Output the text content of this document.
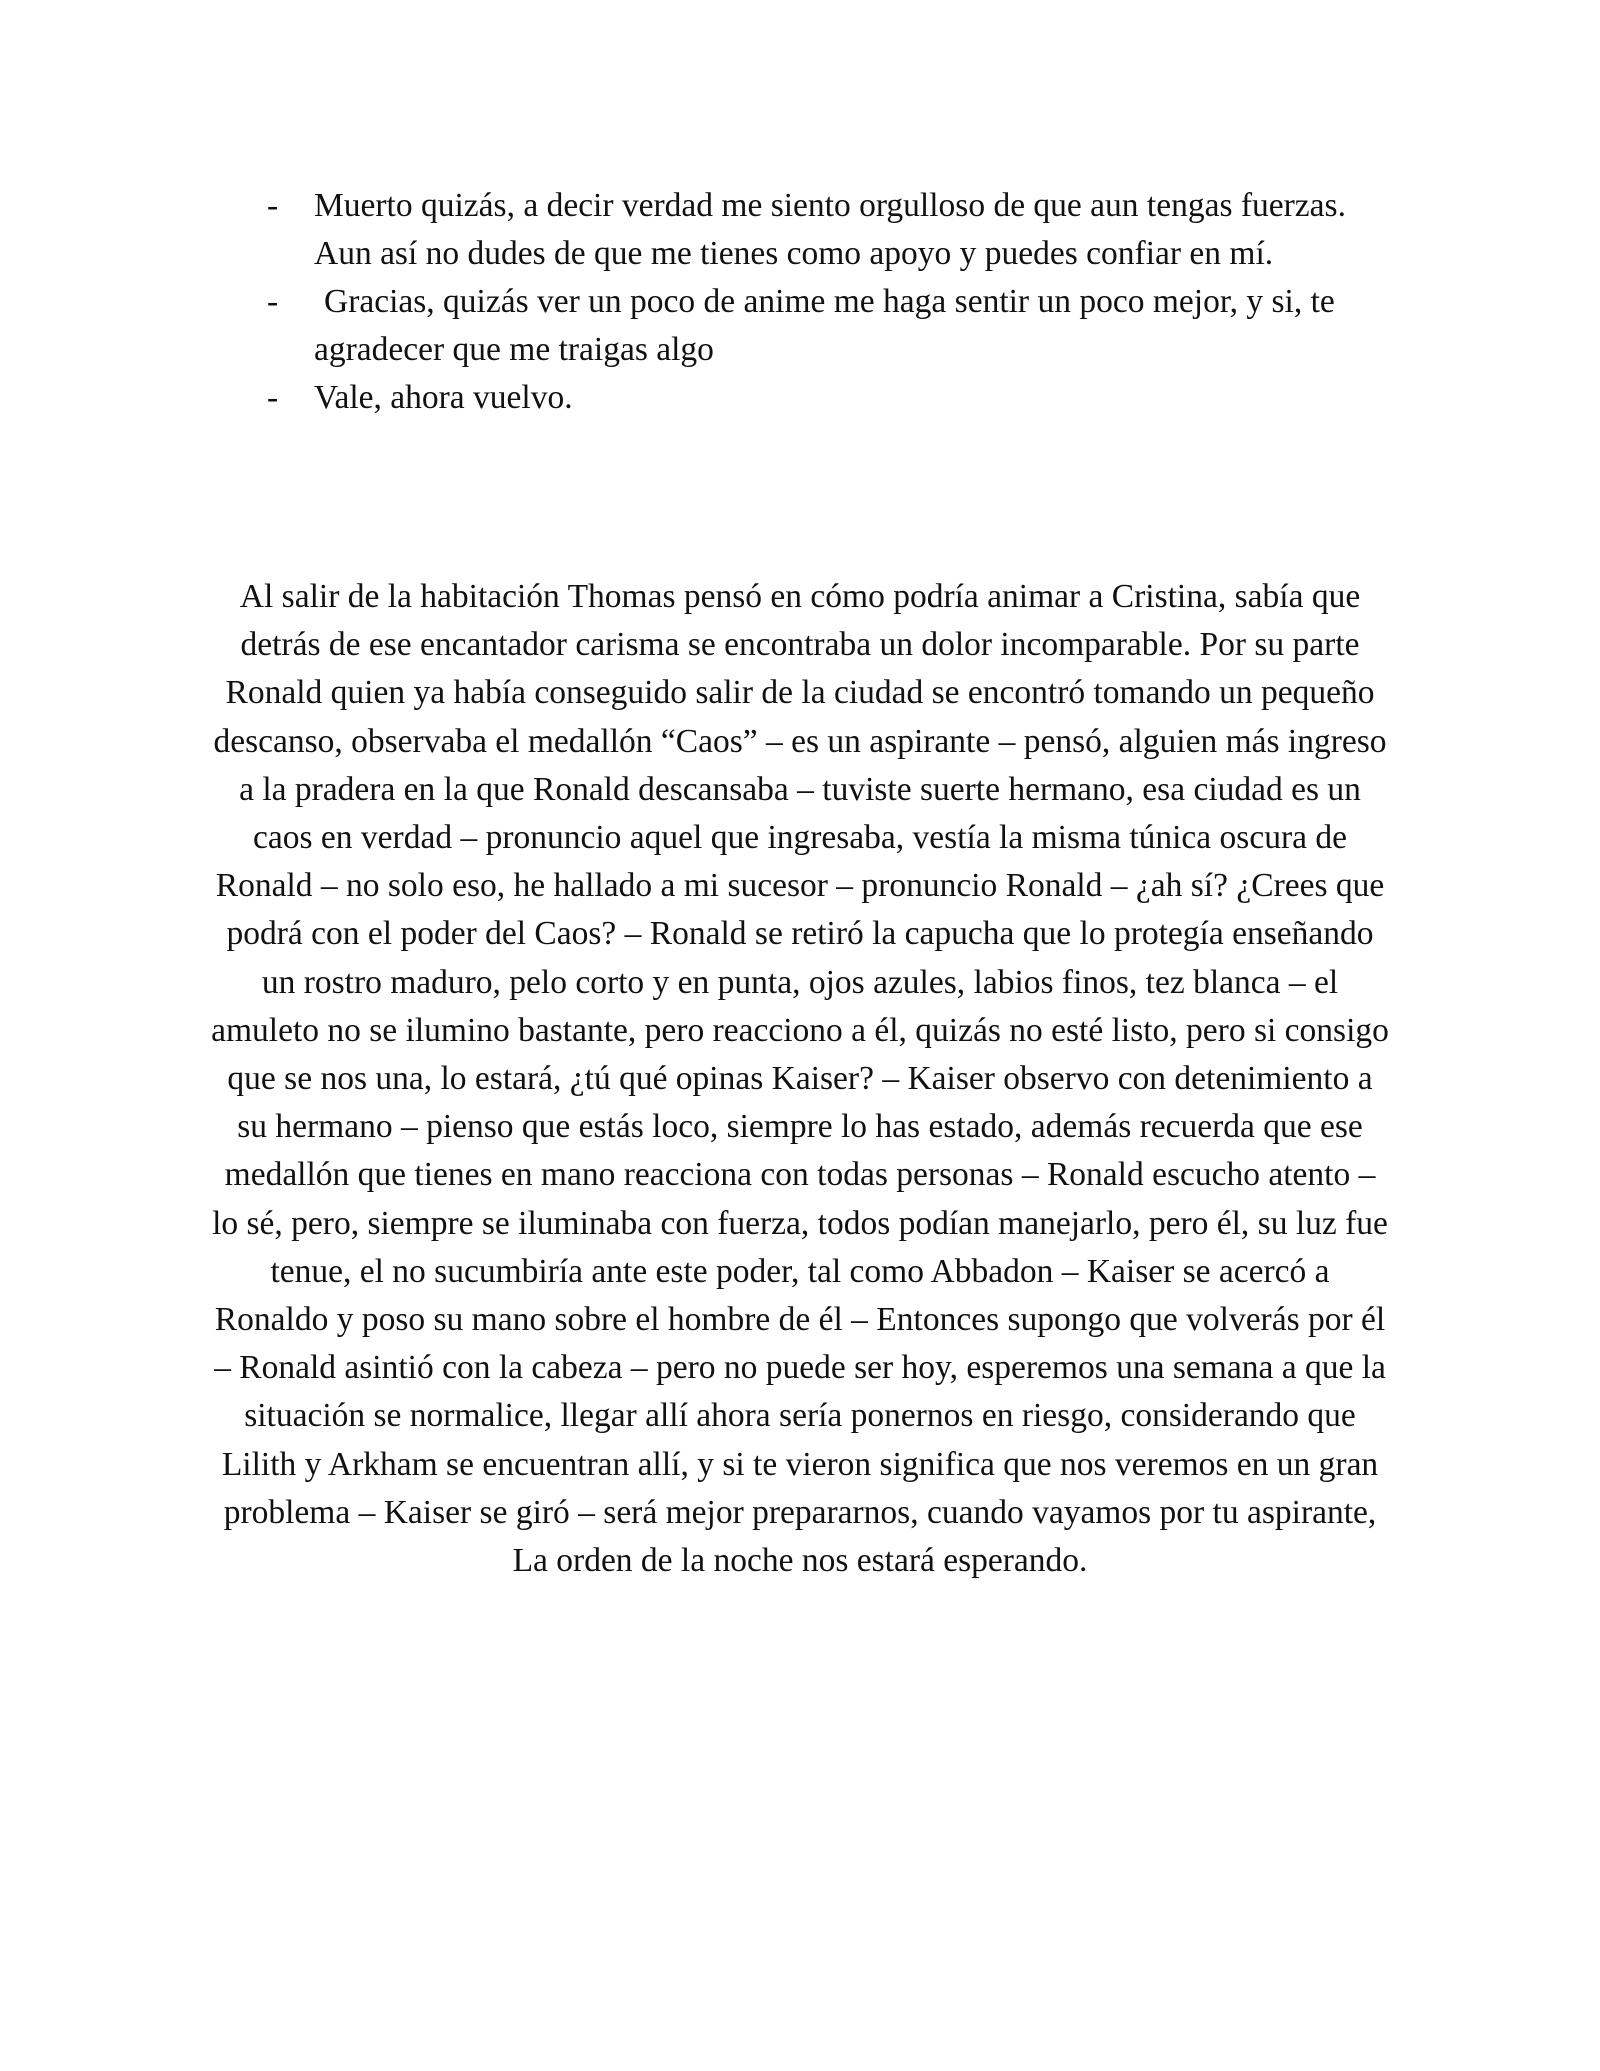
- Muerto quizás, a decir verdad me siento orgulloso de que aun tengas fuerzas. Aun así no dudes de que me tienes como apoyo y puedes confiar en mí.
- Gracias, quizás ver un poco de anime me haga sentir un poco mejor, y si, te agradecer que me traigas algo
- Vale, ahora vuelvo.

Al salir de la habitación Thomas pensó en cómo podría animar a Cristina, sabía que detrás de ese encantador carisma se encontraba un dolor incomparable. Por su parte Ronald quien ya había conseguido salir de la ciudad se encontró tomando un pequeño descanso, observaba el medallón “Caos” – es un aspirante – pensó, alguien más ingreso a la pradera en la que Ronald descansaba – tuviste suerte hermano, esa ciudad es un caos en verdad – pronuncio aquel que ingresaba, vestía la misma túnica oscura de Ronald – no solo eso, he hallado a mi sucesor – pronuncio Ronald – ¿ah sí? ¿Crees que podrá con el poder del Caos? – Ronald se retiró la capucha que lo protegía enseñando un rostro maduro, pelo corto y en punta, ojos azules, labios finos, tez blanca – el amuleto no se ilumino bastante, pero reacciono a él, quizás no esté listo, pero si consigo que se nos una, lo estará, ¿tú qué opinas Kaiser? – Kaiser observo con detenimiento a su hermano – pienso que estás loco, siempre lo has estado, además recuerda que ese medallón que tienes en mano reacciona con todas personas – Ronald escucho atento – lo sé, pero, siempre se iluminaba con fuerza, todos podían manejarlo, pero él, su luz fue tenue, el no sucumbiría ante este poder, tal como Abbadon – Kaiser se acercó a Ronaldo y poso su mano sobre el hombre de él – Entonces supongo que volverás por él – Ronald asintió con la cabeza – pero no puede ser hoy, esperemos una semana a que la situación se normalice, llegar allí ahora sería ponernos en riesgo, considerando que Lilith y Arkham se encuentran allí, y si te vieron significa que nos veremos en un gran problema – Kaiser se giró – será mejor prepararnos, cuando vayamos por tu aspirante, La orden de la noche nos estará esperando.
